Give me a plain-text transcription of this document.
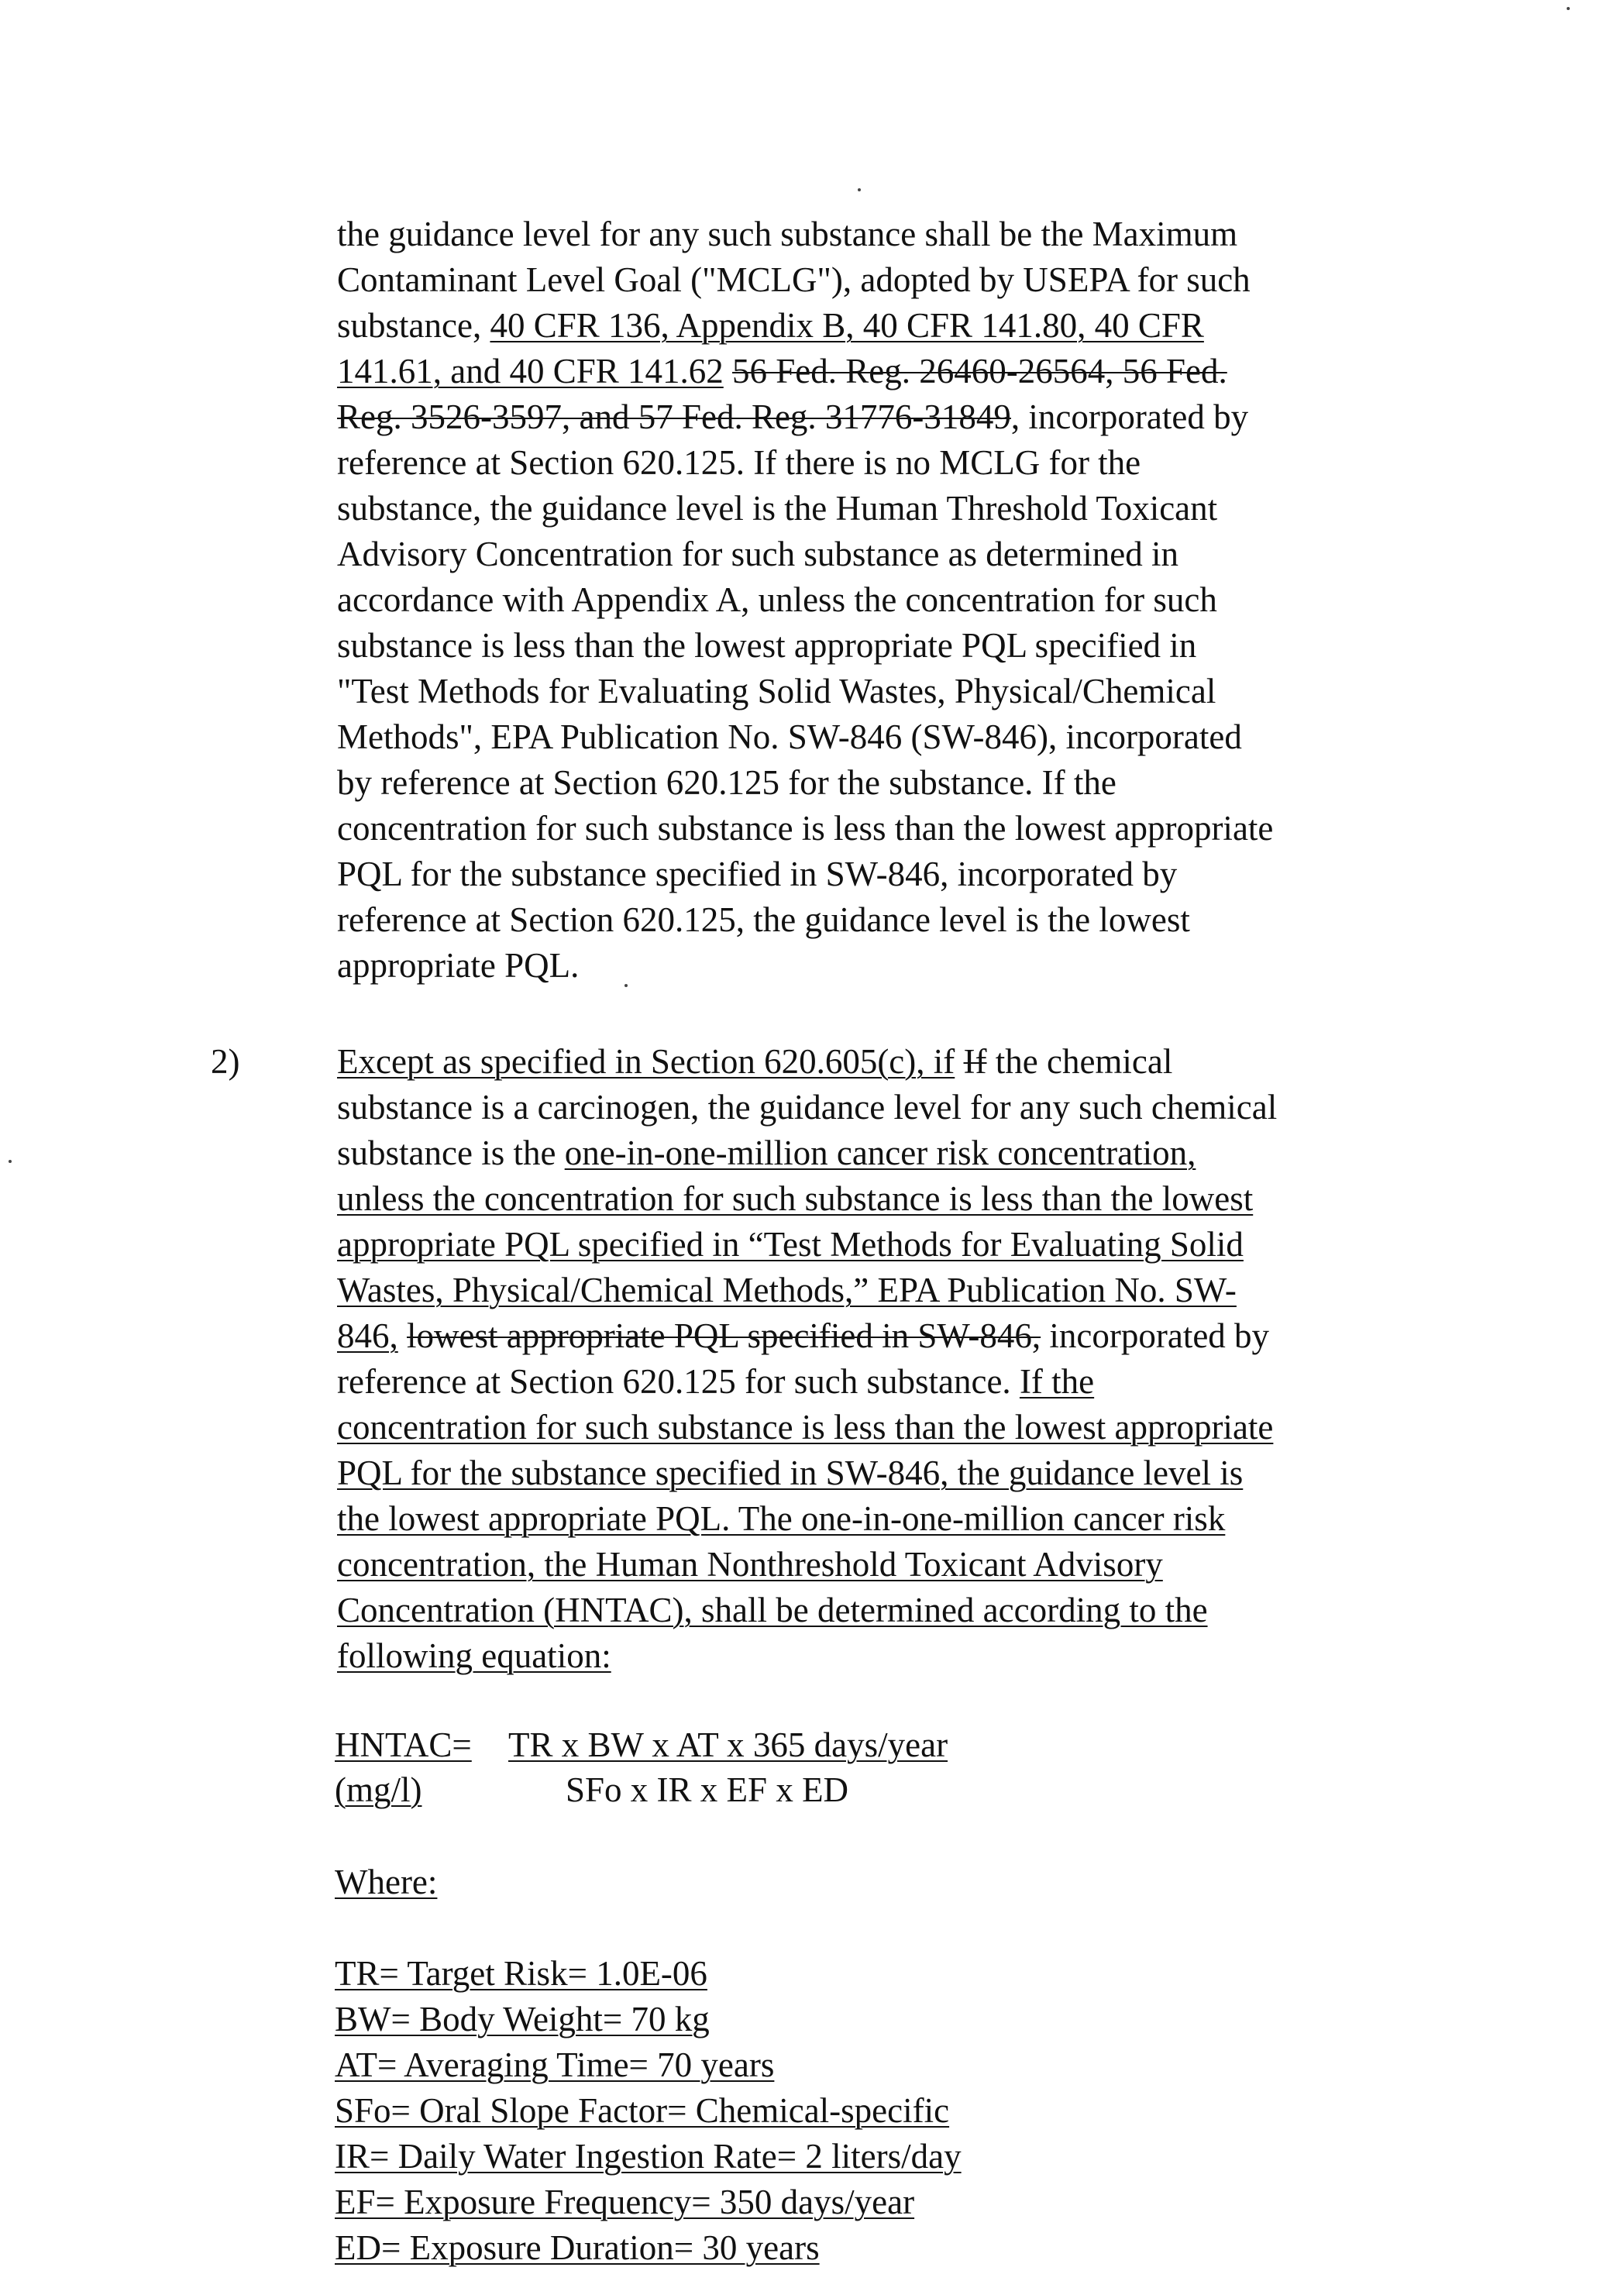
the guidance level for any such substance shall be the Maximum
Contaminant Level Goal ("MCLG"), adopted by USEPA for such
substance, 40 CFR 136, Appendix B, 40 CFR 141.80, 40 CFR
141.61, and 40 CFR 141.62 56 Fed. Reg. 26460-26564, 56 Fed.
Reg. 3526-3597, and 57 Fed. Reg. 31776-31849, incorporated by
reference at Section 620.125. If there is no MCLG for the
substance, the guidance level is the Human Threshold Toxicant
Advisory Concentration for such substance as determined in
accordance with Appendix A, unless the concentration for such
substance is less than the lowest appropriate PQL specified in
"Test Methods for Evaluating Solid Wastes, Physical/Chemical
Methods", EPA Publication No. SW-846 (SW-846), incorporated
by reference at Section 620.125 for the substance. If the
concentration for such substance is less than the lowest appropriate
PQL for the substance specified in SW-846, incorporated by
reference at Section 620.125, the guidance level is the lowest
appropriate PQL.
2)	Except as specified in Section 620.605(c), if If the chemical
substance is a carcinogen, the guidance level for any such chemical
substance is the one-in-one-million cancer risk concentration,
unless the concentration for such substance is less than the lowest
appropriate PQL specified in “Test Methods for Evaluating Solid
Wastes, Physical/Chemical Methods,” EPA Publication No. SW-
846, lowest appropriate PQL specified in SW-846, incorporated by
reference at Section 620.125 for such substance. If the
concentration for such substance is less than the lowest appropriate
PQL for the substance specified in SW-846, the guidance level is
the lowest appropriate PQL. The one-in-one-million cancer risk
concentration, the Human Nonthreshold Toxicant Advisory
Concentration (HNTAC), shall be determined according to the
following equation:
HNTAC= TR x BW x AT x 365 days/year
(mg/l)	SFo x IR x EF x ED
Where:
TR= Target Risk= 1.0E-06
BW= Body Weight= 70 kg
AT= Averaging Time= 70 years
SFo= Oral Slope Factor= Chemical-specific
IR= Daily Water Ingestion Rate= 2 liters/day
EF= Exposure Frequency= 350 days/year
ED= Exposure Duration= 30 years
